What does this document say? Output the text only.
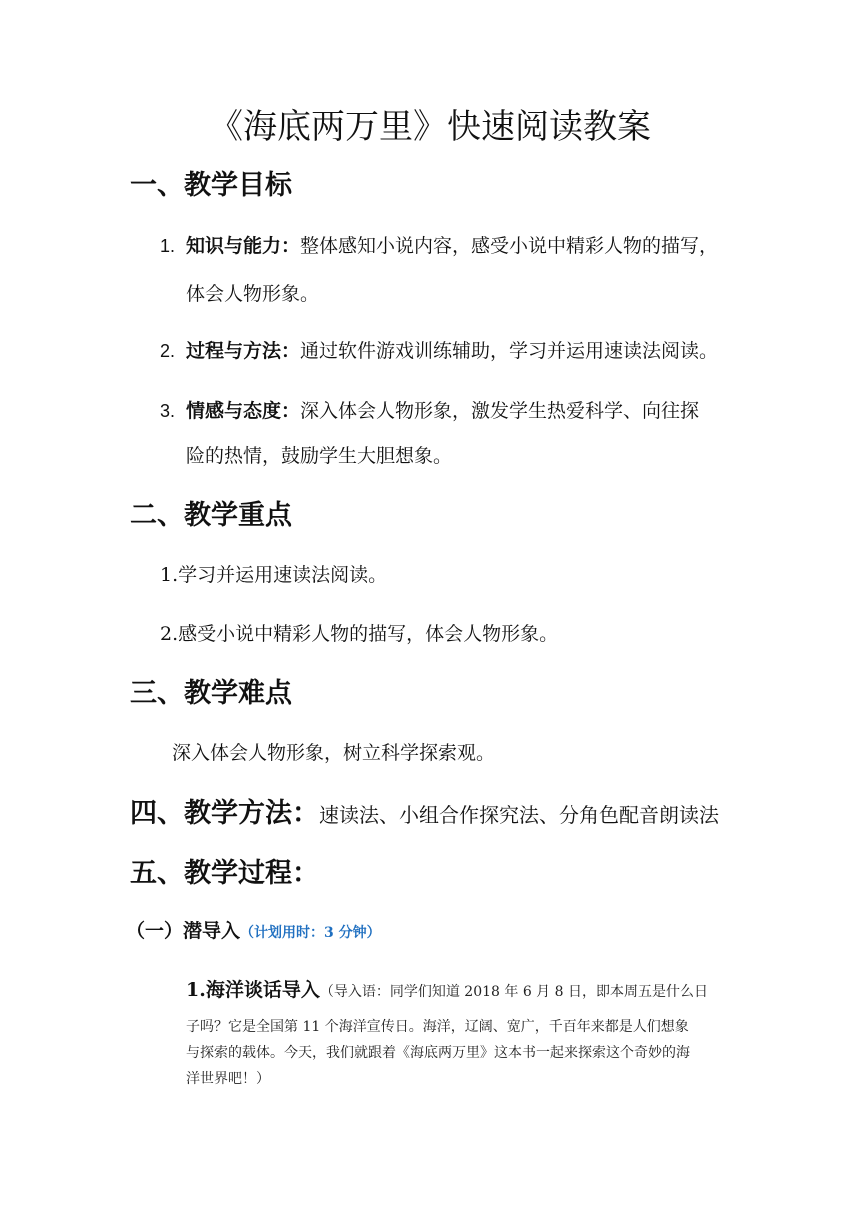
《海底两万里》快速阅读教案
一、教学目标
1. 知识与能力：整体感知小说内容，感受小说中精彩人物的描写，
体会人物形象。
2. 过程与方法：通过软件游戏训练辅助，学习并运用速读法阅读。
3. 情感与态度：深入体会人物形象，激发学生热爱科学、向往探
险的热情，鼓励学生大胆想象。
二、教学重点
1.学习并运用速读法阅读。
2.感受小说中精彩人物的描写，体会人物形象。
三、教学难点
深入体会人物形象，树立科学探索观。
四、教学方法：速读法、小组合作探究法、分角色配音朗读法
五、教学过程：
（一）潜导入（计划用时：3 分钟）
1.海洋谈话导入（导入语：同学们知道 2018 年 6 月 8 日，即本周五是什么日
子吗？它是全国第 11 个海洋宣传日。海洋，辽阔、宽广，千百年来都是人们想象
与探索的载体。今天，我们就跟着《海底两万里》这本书一起来探索这个奇妙的海
洋世界吧！）
